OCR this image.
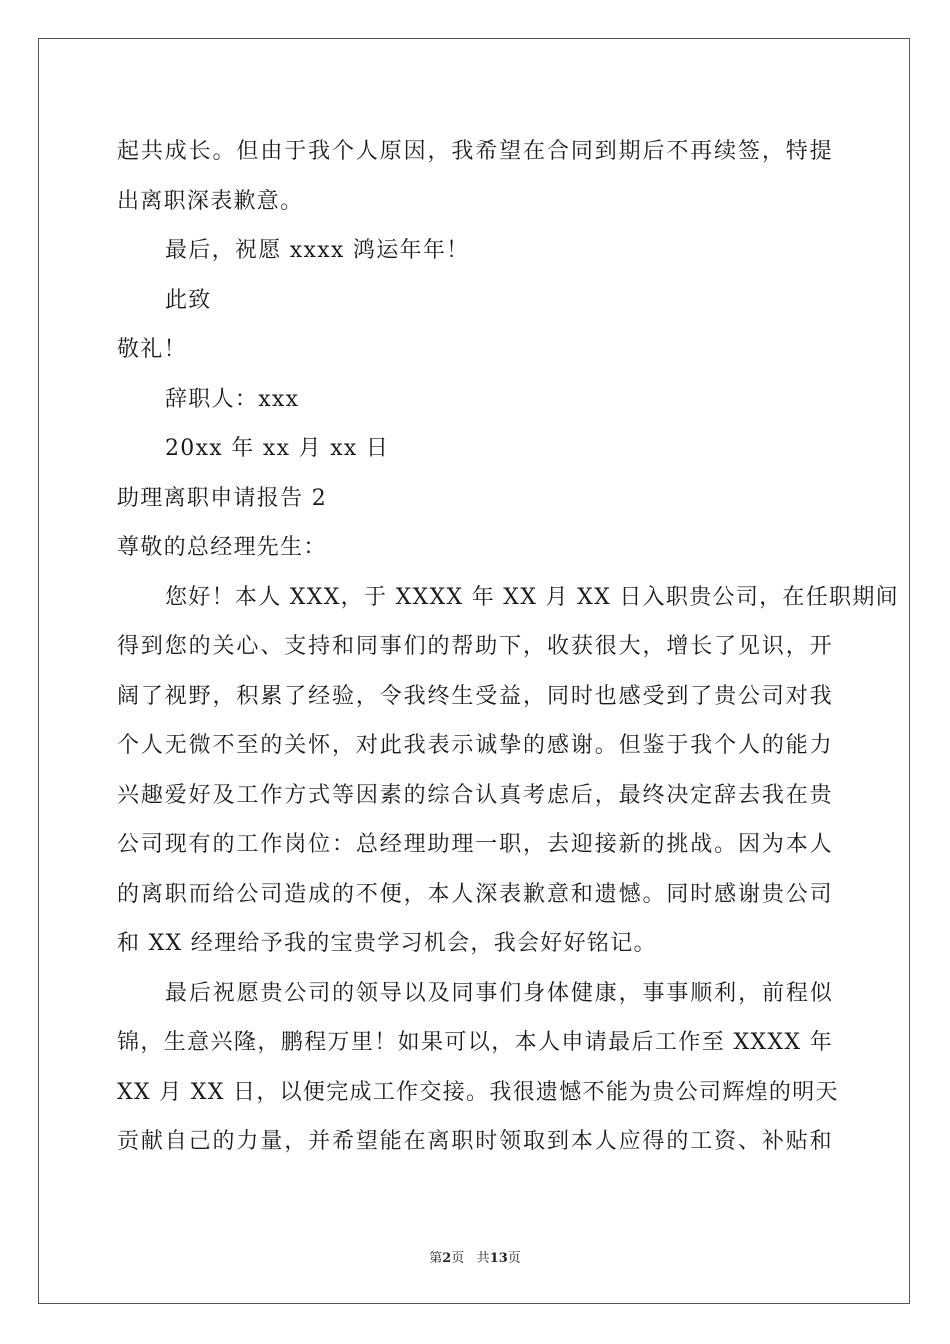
起共成长。但由于我个人原因，我希望在合同到期后不再续签，特提
出离职深表歉意。
最后，祝愿 xxxx 鸿运年年！
此致
敬礼！
辞职人：xxx
20xx 年 xx 月 xx 日
助理离职申请报告 2
尊敬的总经理先生：
您好！本人 XXX，于 XXXX 年 XX 月 XX 日入职贵公司，在任职期间
得到您的关心、支持和同事们的帮助下，收获很大，增长了见识，开
阔了视野，积累了经验，令我终生受益，同时也感受到了贵公司对我
个人无微不至的关怀，对此我表示诚挚的感谢。但鉴于我个人的能力
兴趣爱好及工作方式等因素的综合认真考虑后，最终决定辞去我在贵
公司现有的工作岗位：总经理助理一职，去迎接新的挑战。因为本人
的离职而给公司造成的不便，本人深表歉意和遗憾。同时感谢贵公司
和 XX 经理给予我的宝贵学习机会，我会好好铭记。
最后祝愿贵公司的领导以及同事们身体健康，事事顺利，前程似
锦，生意兴隆，鹏程万里！如果可以，本人申请最后工作至 XXXX 年
XX 月 XX 日，以便完成工作交接。我很遗憾不能为贵公司辉煌的明天
贡献自己的力量，并希望能在离职时领取到本人应得的工资、补贴和
第2页 共13页
